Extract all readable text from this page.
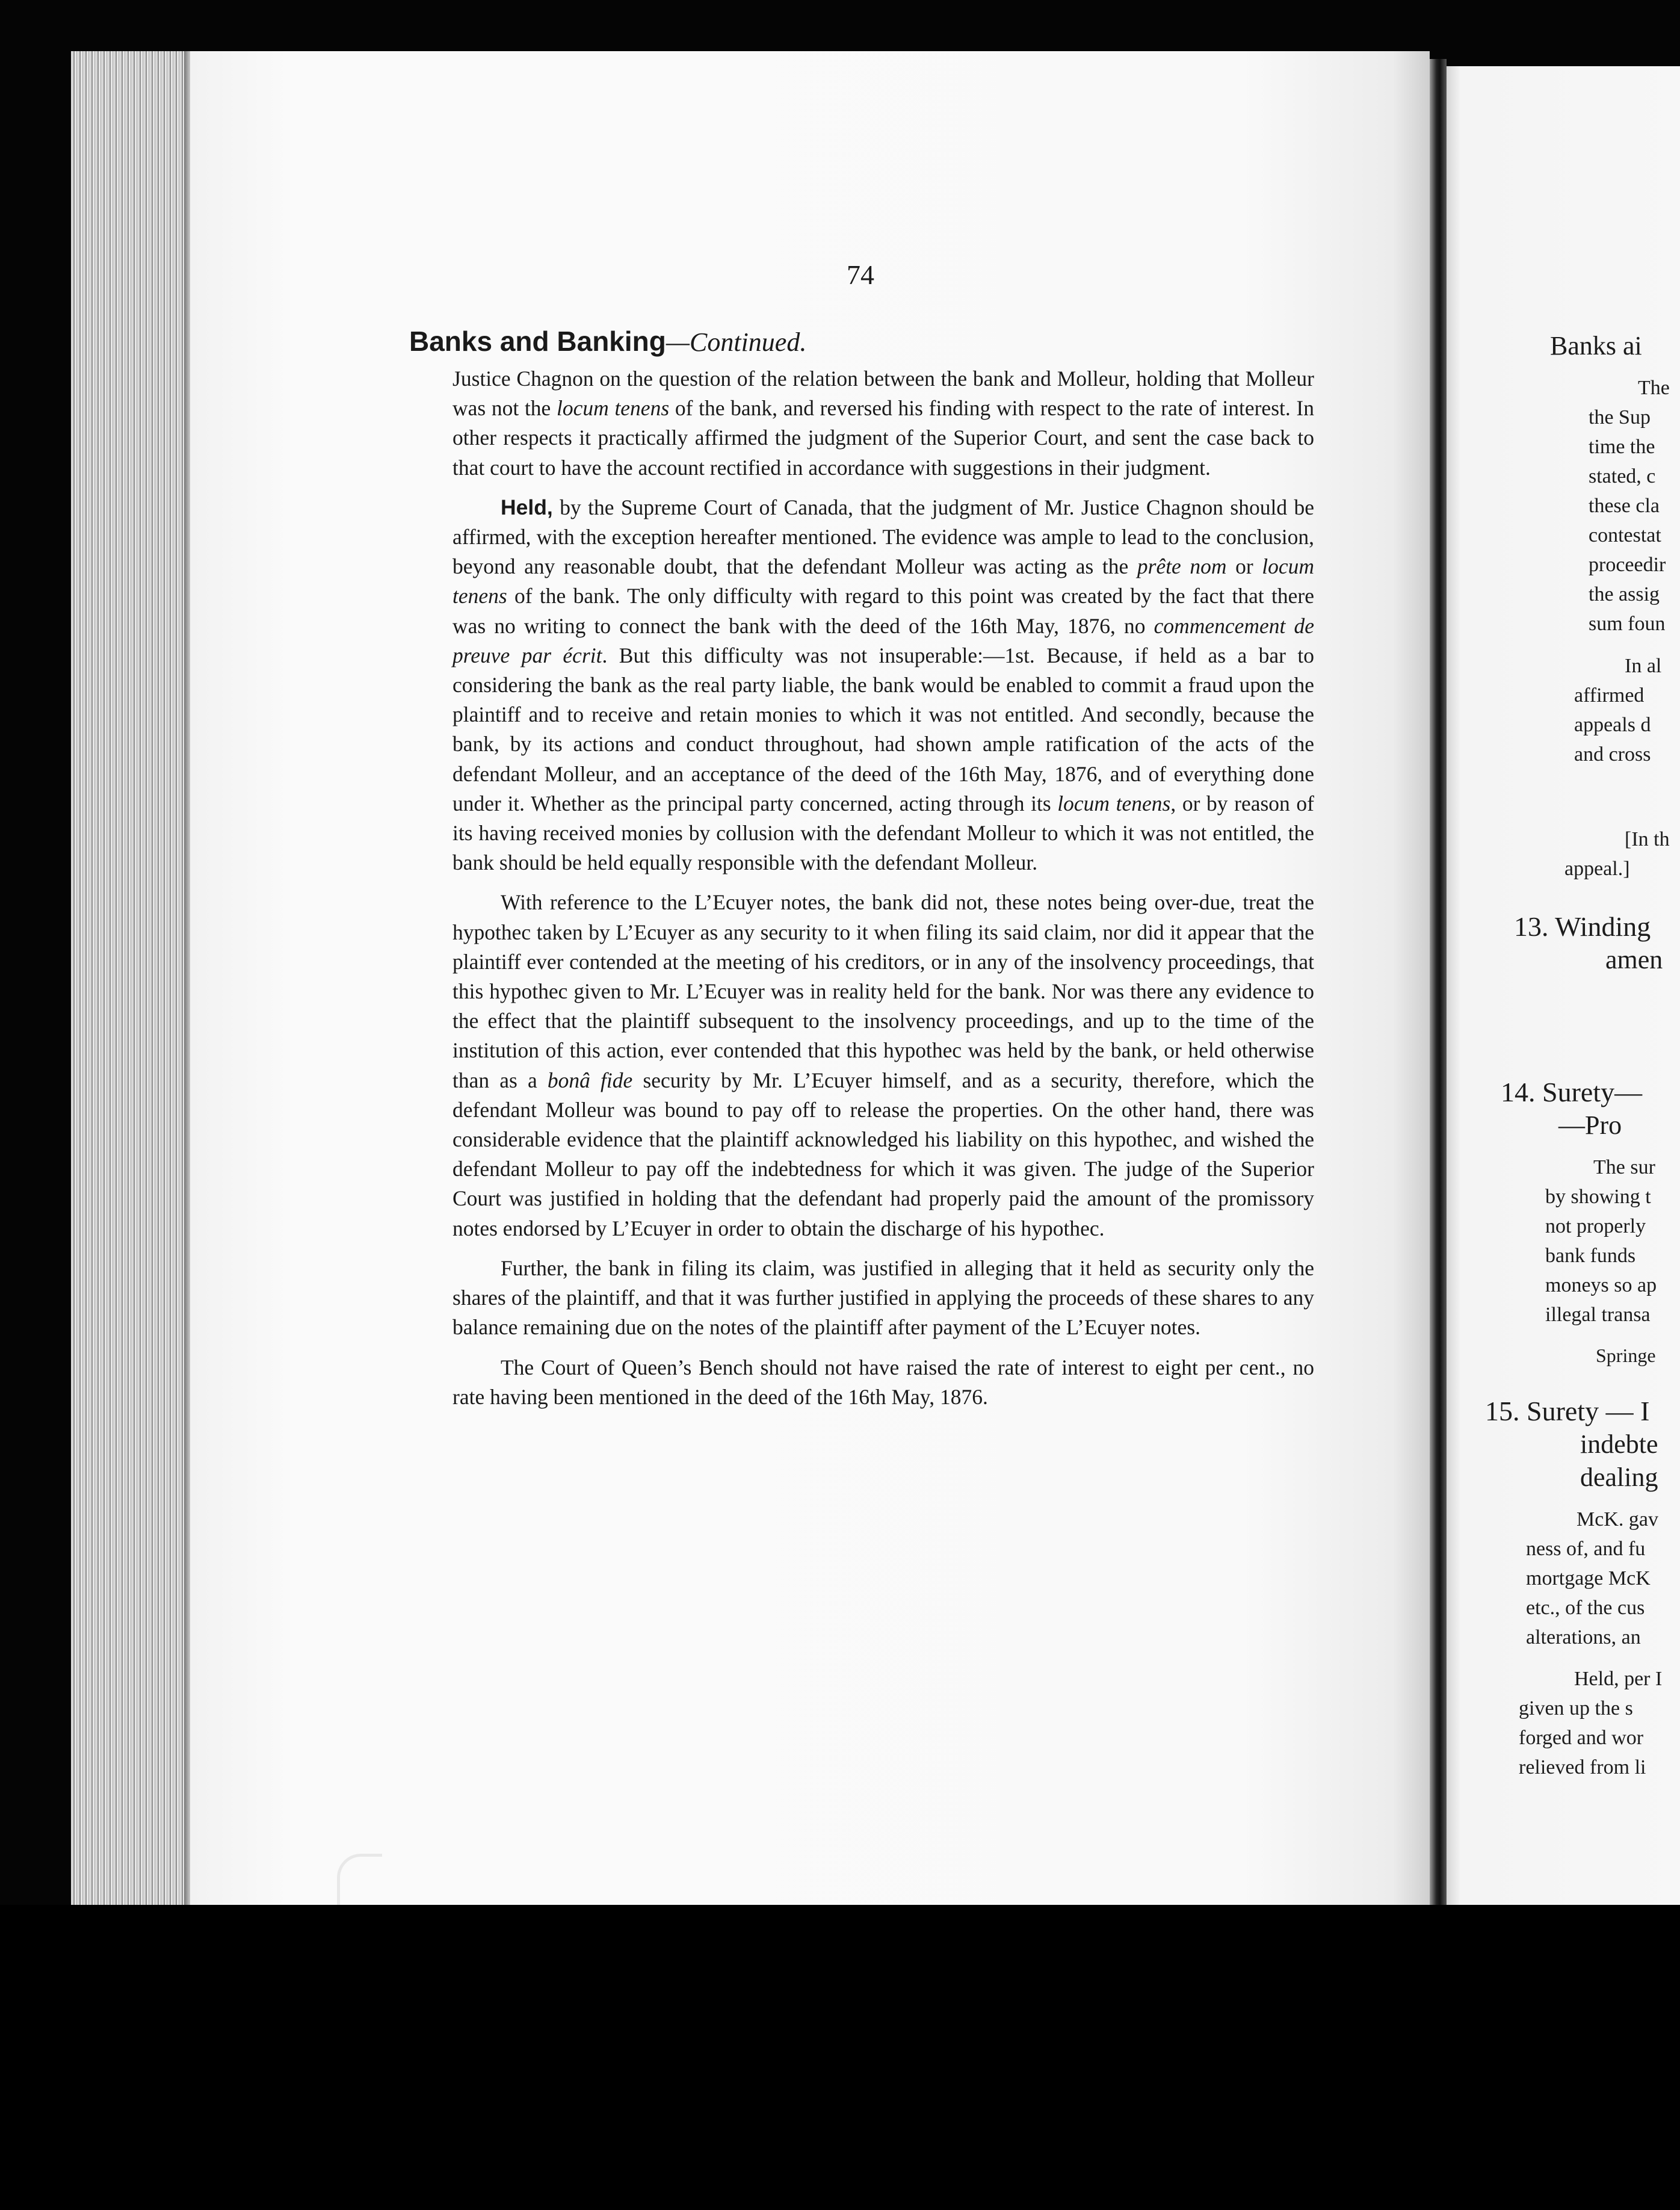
74
Banks and Banking—Continued.

Justice Chagnon on the question of the relation between the bank and Molleur, holding that Molleur was not the locum tenens of the bank, and reversed his finding with respect to the rate of interest. In other respects it practically affirmed the judgment of the Superior Court, and sent the case back to that court to have the account rectified in accordance with suggestions in their judgment.

Held, by the Supreme Court of Canada, that the judgment of Mr. Justice Chagnon should be affirmed, with the exception hereafter mentioned. The evidence was ample to lead to the conclusion, beyond any reasonable doubt, that the defendant Molleur was acting as the prête nom or locum tenens of the bank. The only difficulty with regard to this point was created by the fact that there was no writing to connect the bank with the deed of the 16th May, 1876, no commencement de preuve par écrit. But this difficulty was not insuperable:—1st. Because, if held as a bar to considering the bank as the real party liable, the bank would be enabled to commit a fraud upon the plaintiff and to receive and retain monies to which it was not entitled. And secondly, because the bank, by its actions and conduct throughout, had shown ample ratification of the acts of the defendant Molleur, and an acceptance of the deed of the 16th May, 1876, and of everything done under it. Whether as the principal party concerned, acting through its locum tenens, or by reason of its having received monies by collusion with the defendant Molleur to which it was not entitled, the bank should be held equally responsible with the defendant Molleur.

With reference to the L’Ecuyer notes, the bank did not, these notes being over-due, treat the hypothec taken by L’Ecuyer as any security to it when filing its said claim, nor did it appear that the plaintiff ever contended at the meeting of his creditors, or in any of the insolvency proceedings, that this hypothec given to Mr. L’Ecuyer was in reality held for the bank. Nor was there any evidence to the effect that the plaintiff subsequent to the insolvency proceedings, and up to the time of the institution of this action, ever contended that this hypothec was held by the bank, or held otherwise than as a bonâ fide security by Mr. L’Ecuyer himself, and as a security, therefore, which the defendant Molleur was bound to pay off to release the properties. On the other hand, there was considerable evidence that the plaintiff acknowledged his liability on this hypothec, and wished the defendant Molleur to pay off the indebtedness for which it was given. The judge of the Superior Court was justified in holding that the defendant had properly paid the amount of the promissory notes endorsed by L’Ecuyer in order to obtain the discharge of his hypothec.

Further, the bank in filing its claim, was justified in alleging that it held as security only the shares of the plaintiff, and that it was further justified in applying the proceeds of these shares to any balance remaining due on the notes of the plaintiff after payment of the L’Ecuyer notes.

The Court of Queen’s Bench should not have raised the rate of interest to eight per cent., no rate having been mentioned in the deed of the 16th May, 1876.

Banks ai
The
the Sup
time the
stated, c
these cla
contestat
proceedir
the assig
sum foun
In al
affirmed
appeals d
and cross
[In th
appeal.]
13. Winding
amen
14. Surety—
—Pro
The sur
by showing t
not properly
bank funds
moneys so ap
illegal transa
Springe
15. Surety — I
indebte
dealing
McK. gav
ness of, and fu
mortgage McK
etc., of the cus
alterations, an
Held, per I
given up the s
forged and wor
relieved from li
